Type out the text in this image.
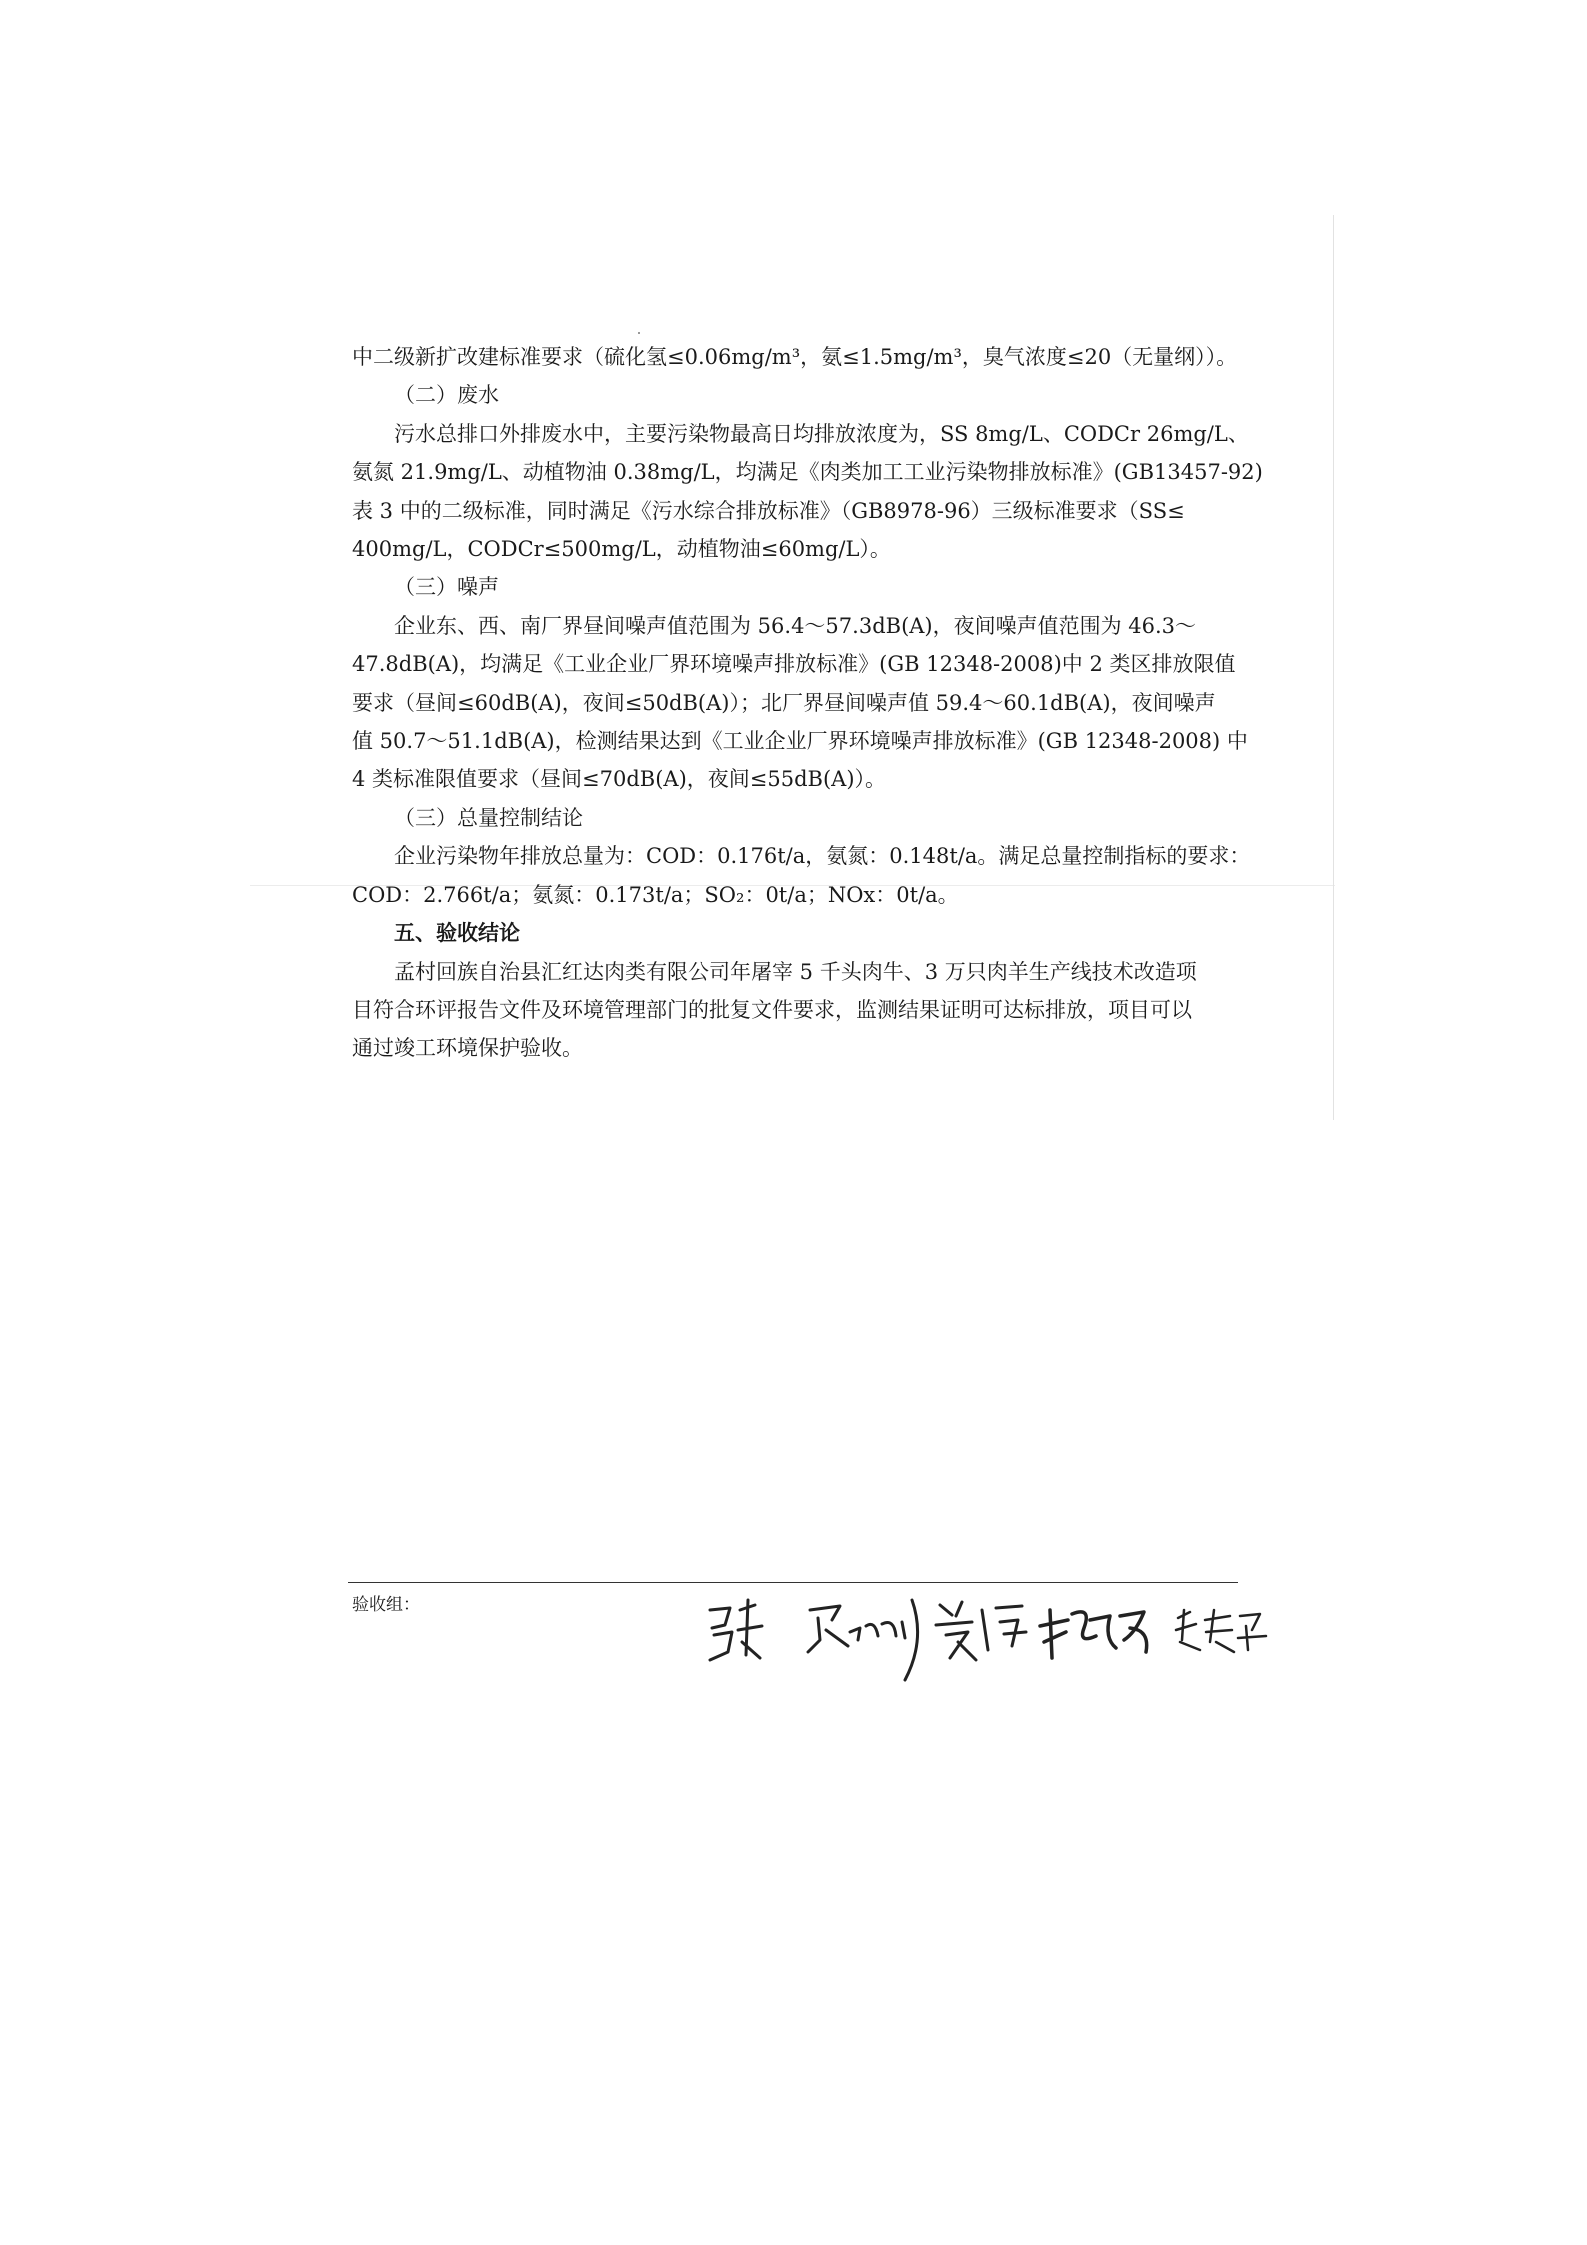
中二级新扩改建标准要求（硫化氢≤0.06mg/m³，氨≤1.5mg/m³，臭气浓度≤20（无量纲））。

（二）废水

污水总排口外排废水中，主要污染物最高日均排放浓度为，SS 8mg/L、CODCr 26mg/L、
氨氮 21.9mg/L、动植物油 0.38mg/L，均满足《肉类加工工业污染物排放标准》(GB13457-92)
表 3 中的二级标准，同时满足《污水综合排放标准》（GB8978-96）三级标准要求（SS≤
400mg/L，CODCr≤500mg/L，动植物油≤60mg/L）。

（三）噪声

企业东、西、南厂界昼间噪声值范围为 56.4～57.3dB(A)，夜间噪声值范围为 46.3～
47.8dB(A)，均满足《工业企业厂界环境噪声排放标准》(GB 12348-2008)中 2 类区排放限值
要求（昼间≤60dB(A)，夜间≤50dB(A)）；北厂界昼间噪声值 59.4～60.1dB(A)，夜间噪声
值 50.7～51.1dB(A)，检测结果达到《工业企业厂界环境噪声排放标准》(GB 12348-2008) 中
4 类标准限值要求（昼间≤70dB(A)，夜间≤55dB(A)）。

（三）总量控制结论

企业污染物年排放总量为：COD：0.176t/a，氨氮：0.148t/a。满足总量控制指标的要求：
COD：2.766t/a；氨氮：0.173t/a；SO₂：0t/a；NOx：0t/a。

五、验收结论

孟村回族自治县汇红达肉类有限公司年屠宰 5 千头肉牛、3 万只肉羊生产线技术改造项
目符合环评报告文件及环境管理部门的批复文件要求，监测结果证明可达标排放，项目可以
通过竣工环境保护验收。

验收组：
